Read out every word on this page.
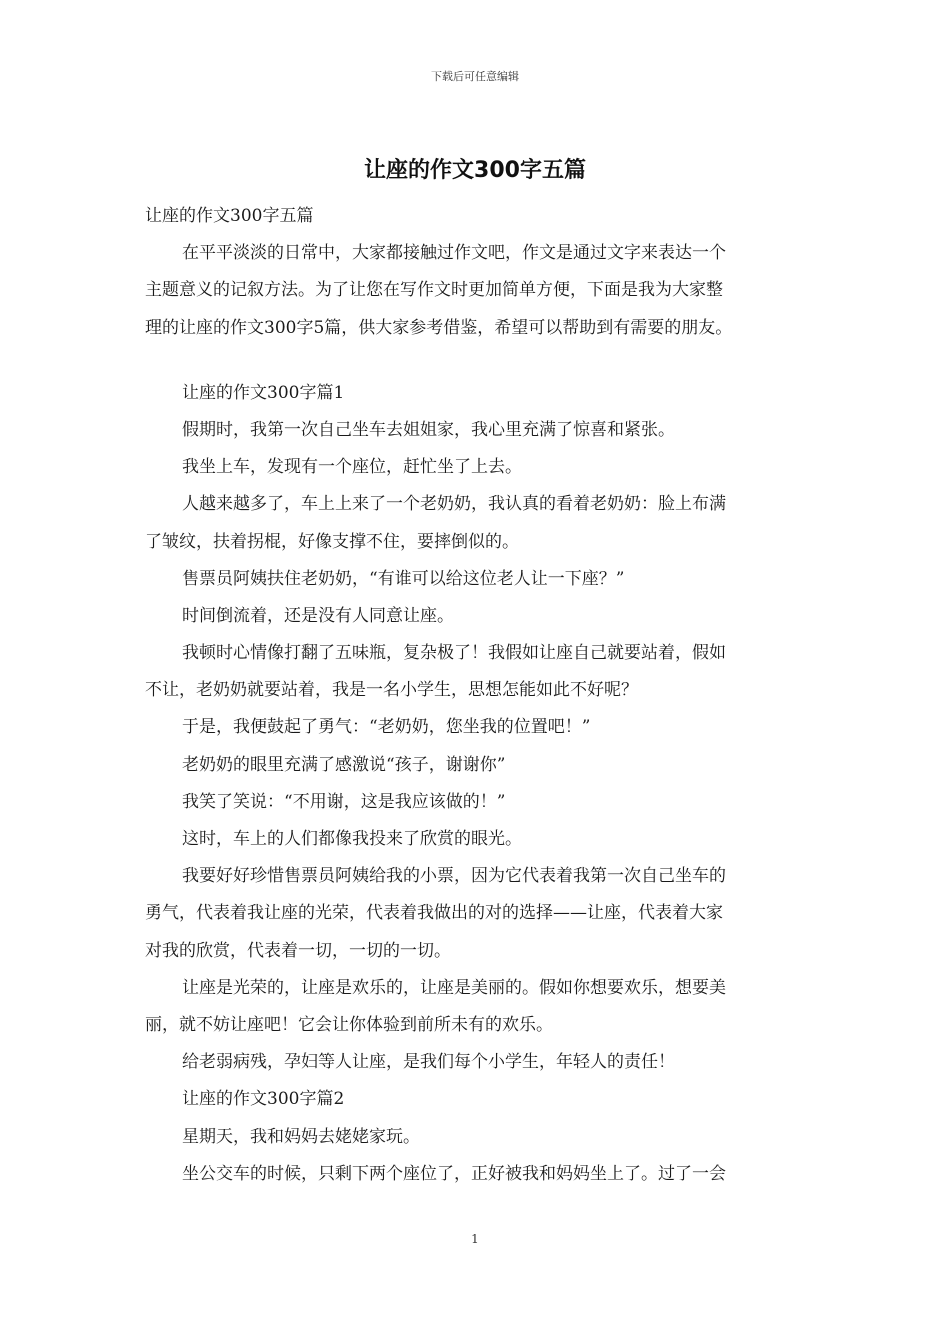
下载后可任意编辑
让座的作文300字五篇

让座的作文300字五篇

在平平淡淡的日常中，大家都接触过作文吧，作文是通过文字来表达一个

主题意义的记叙方法。为了让您在写作文时更加简单方便，下面是我为大家整

理的让座的作文300字5篇，供大家参考借鉴，希望可以帮助到有需要的朋友。

让座的作文300字篇1

假期时，我第一次自己坐车去姐姐家，我心里充满了惊喜和紧张。

我坐上车，发现有一个座位，赶忙坐了上去。

人越来越多了，车上上来了一个老奶奶，我认真的看着老奶奶：脸上布满

了皱纹，扶着拐棍，好像支撑不住，要摔倒似的。

售票员阿姨扶住老奶奶，“有谁可以给这位老人让一下座？”

时间倒流着，还是没有人同意让座。

我顿时心情像打翻了五味瓶，复杂极了！我假如让座自己就要站着，假如

不让，老奶奶就要站着，我是一名小学生，思想怎能如此不好呢？

于是，我便鼓起了勇气：“老奶奶，您坐我的位置吧！”

老奶奶的眼里充满了感激说“孩子，谢谢你”

我笑了笑说：“不用谢，这是我应该做的！”

这时，车上的人们都像我投来了欣赏的眼光。

我要好好珍惜售票员阿姨给我的小票，因为它代表着我第一次自己坐车的

勇气，代表着我让座的光荣，代表着我做出的对的选择——让座，代表着大家

对我的欣赏，代表着一切，一切的一切。

让座是光荣的，让座是欢乐的，让座是美丽的。假如你想要欢乐，想要美

丽，就不妨让座吧！它会让你体验到前所未有的欢乐。

给老弱病残，孕妇等人让座，是我们每个小学生，年轻人的责任！

让座的作文300字篇2

星期天，我和妈妈去姥姥家玩。

坐公交车的时候，只剩下两个座位了，正好被我和妈妈坐上了。过了一会

1
